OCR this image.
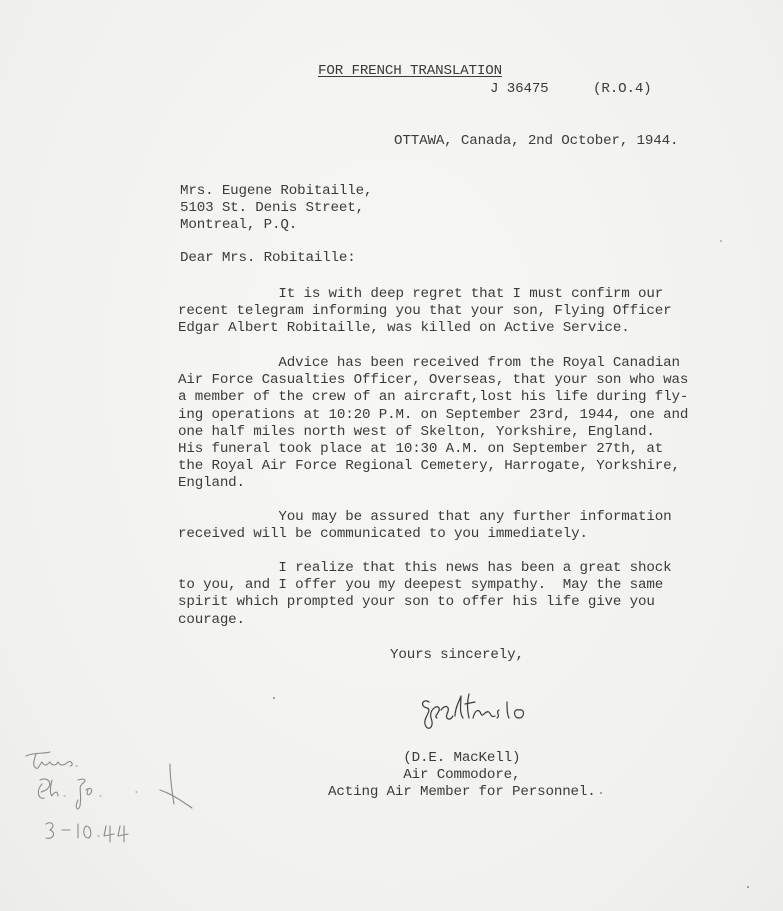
FOR FRENCH TRANSLATION
J 36475	(R.O.4)
OTTAWA, Canada, 2nd October, 1944.
Mrs. Eugene Robitaille,
5103 St. Denis Street,
Montreal, P.Q.
Dear Mrs. Robitaille:
It is with deep regret that I must confirm our
recent telegram informing you that your son, Flying Officer
Edgar Albert Robitaille, was killed on Active Service.
Advice has been received from the Royal Canadian
Air Force Casualties Officer, Overseas, that your son who was
a member of the crew of an aircraft,lost his life during fly-
ing operations at 10:20 P.M. on September 23rd, 1944, one and
one half miles north west of Skelton, Yorkshire, England.
His funeral took place at 10:30 A.M. on September 27th, at
the Royal Air Force Regional Cemetery, Harrogate, Yorkshire,
England.
You may be assured that any further information
received will be communicated to you immediately.
I realize that this news has been a great shock
to you, and I offer you my deepest sympathy.  May the same
spirit which prompted your son to offer his life give you
courage.
Yours sincerely,
(D.E. MacKell)
Air Commodore,
Acting Air Member for Personnel.
